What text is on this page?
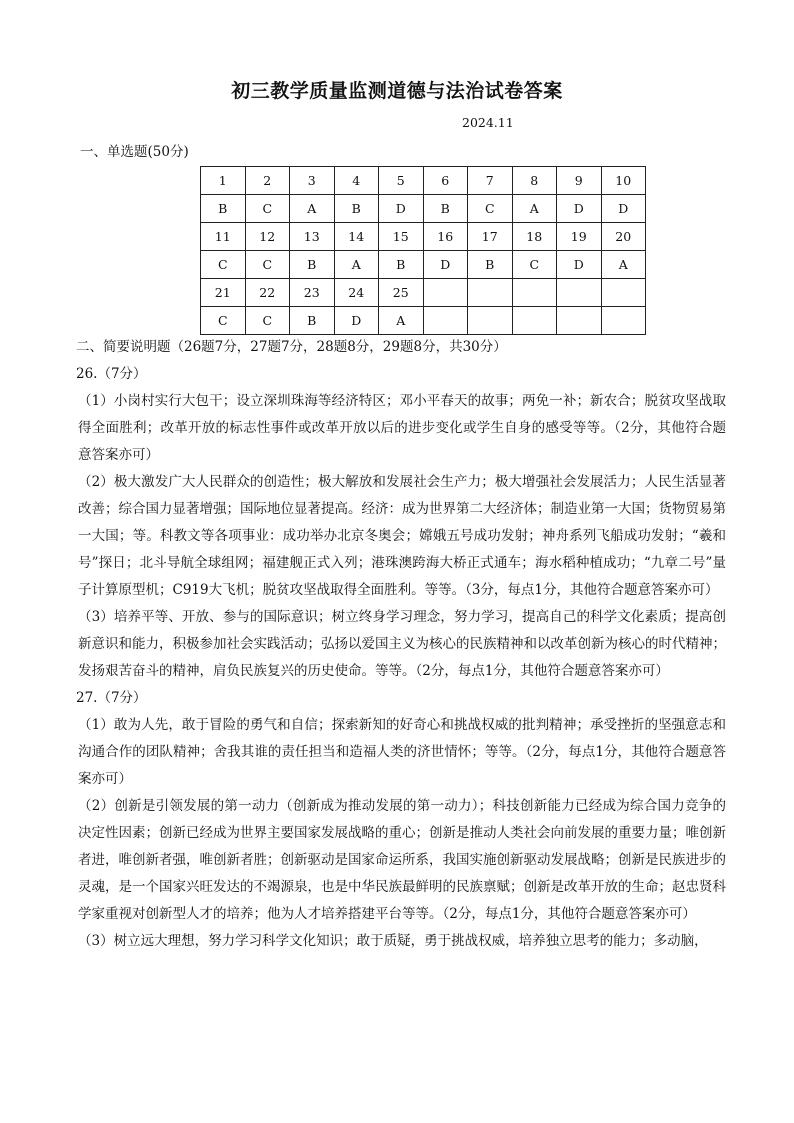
初三教学质量监测道德与法治试卷答案
2024.11
一、单选题(50分)
1	2	3	4	5	6	7	8	9	10
B	C	A	B	D	B	C	A	D	D
11	12	13	14	15	16	17	18	19	20
C	C	B	A	B	D	B	C	D	A
21	22	23	24	25					
C	C	B	D	A					

二、简要说明题（26题7分，27题7分，28题8分，29题8分，共30分）

26.（7分）

（1）小岗村实行大包干；设立深圳珠海等经济特区；邓小平春天的故事；两免一补；新农合；脱贫攻坚战取得全面胜利；改革开放的标志性事件或改革开放以后的进步变化或学生自身的感受等等。（2分，其他符合题意答案亦可）

（2）极大激发广大人民群众的创造性；极大解放和发展社会生产力；极大增强社会发展活力；人民生活显著改善；综合国力显著增强；国际地位显著提高。经济：成为世界第二大经济体；制造业第一大国；货物贸易第一大国；等。科教文等各项事业：成功举办北京冬奥会；嫦娥五号成功发射；神舟系列飞船成功发射；“羲和号”探日；北斗导航全球组网；福建舰正式入列；港珠澳跨海大桥正式通车；海水稻种植成功；“九章二号”量子计算原型机；C919大飞机；脱贫攻坚战取得全面胜利。等等。（3分，每点1分，其他符合题意答案亦可）

（3）培养平等、开放、参与的国际意识；树立终身学习理念，努力学习，提高自己的科学文化素质；提高创新意识和能力，积极参加社会实践活动；弘扬以爱国主义为核心的民族精神和以改革创新为核心的时代精神；发扬艰苦奋斗的精神，肩负民族复兴的历史使命。等等。（2分，每点1分，其他符合题意答案亦可）

27.（7分）

（1）敢为人先，敢于冒险的勇气和自信；探索新知的好奇心和挑战权威的批判精神；承受挫折的坚强意志和沟通合作的团队精神；舍我其谁的责任担当和造福人类的济世情怀；等等。（2分，每点1分，其他符合题意答案亦可）

（2）创新是引领发展的第一动力（创新成为推动发展的第一动力）；科技创新能力已经成为综合国力竞争的决定性因素；创新已经成为世界主要国家发展战略的重心；创新是推动人类社会向前发展的重要力量；唯创新者进，唯创新者强，唯创新者胜；创新驱动是国家命运所系，我国实施创新驱动发展战略；创新是民族进步的灵魂，是一个国家兴旺发达的不竭源泉，也是中华民族最鲜明的民族禀赋；创新是改革开放的生命；赵忠贤科学家重视对创新型人才的培养；他为人才培养搭建平台等等。（2分，每点1分，其他符合题意答案亦可）

（3）树立远大理想，努力学习科学文化知识；敢于质疑，勇于挑战权威，培养独立思考的能力；多动脑，
